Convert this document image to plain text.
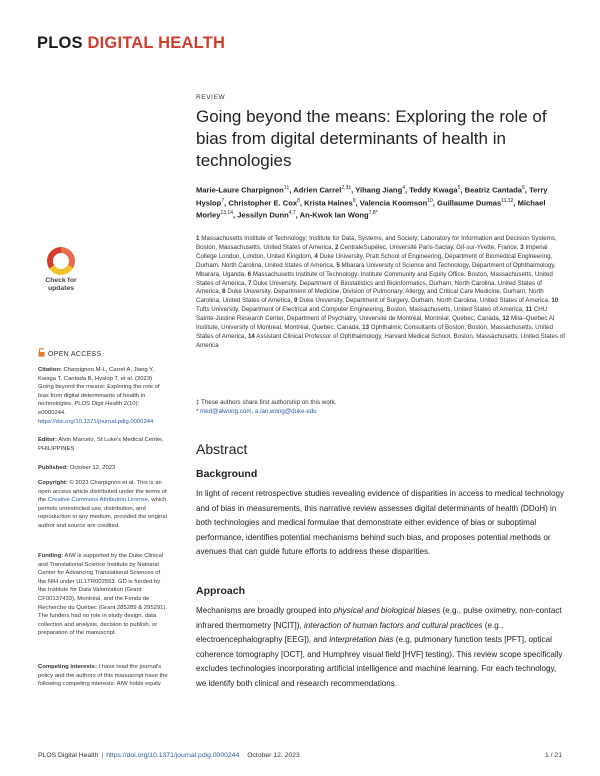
PLOS DIGITAL HEALTH
REVIEW
Going beyond the means: Exploring the role of bias from digital determinants of health in technologies
Marie-Laure Charpignon$^{1\ddagger}$, Adrien Carrel$^{2,3\ddagger}$, Yihang Jiang$^4$, Teddy Kwaga$^5$, Beatriz Cantada$^6$, Terry Hyslop$^7$, Christopher E. Cox$^8$, Krista Haines$^9$, Valencia Koomson$^{10}$, Guillaume Dumas$^{11,12}$, Michael Morley$^{13,14}$, Jessilyn Dunn$^{4,7}$, An-Kwok Ian Wong$^{7,8*}$
1 Massachusetts Institute of Technology; Institute for Data, Systems, and Society; Laboratory for Information and Decision Systems, Boston, Massachusetts, United States of America, 2 CentraleSupélec, Université Paris-Saclay, Gif-sur-Yvette, France, 3 Imperial College London, London, United Kingdom, 4 Duke University, Pratt School of Engineering, Department of Biomedical Engineering, Durham, North Carolina, United States of America, 5 Mbarara University of Science and Technology, Department of Ophthalmology, Mbarara, Uganda, 6 Massachusetts Institute of Technology; Institute Community and Equity Office, Boston, Massachusetts, United States of America, 7 Duke University, Department of Biostatistics and Bioinformatics, Durham, North Carolina, United States of America, 8 Duke University, Department of Medicine, Division of Pulmonary, Allergy, and Critical Care Medicine, Durham, North Carolina, United States of America, 9 Duke University, Department of Surgery, Durham, North Carolina, United States of America, 10 Tufts University, Department of Electrical and Computer Engineering, Boston, Massachusetts, United States of America, 11 CHU Sainte-Justine Research Center, Department of Psychiatry, Université de Montréal, Montréal, Quebec, Canada, 12 Mila–Quebec AI Institute, University of Montreal, Montréal, Quebec, Canada, 13 Ophthalmic Consultants of Boston, Boston, Massachusetts, United States of America, 14 Assistant Clinical Professor of Ophthalmology, Harvard Medical School, Boston, Massachusetts, United States of America
‡ These authors share first authorship on this work.
* med@aiwong.com, a.ian.wong@duke.edu
Abstract
Background
In light of recent retrospective studies revealing evidence of disparities in access to medical technology and of bias in measurements, this narrative review assesses digital determinants of health (DDoH) in both technologies and medical formulae that demonstrate either evidence of bias or suboptimal performance, identifies potential mechanisms behind such bias, and proposes potential methods or avenues that can guide future efforts to address these disparities.
Approach
Mechanisms are broadly grouped into physical and biological biases (e.g., pulse oximetry, non-contact infrared thermometry [NCIT]), interaction of human factors and cultural practices (e.g., electroencephalography [EEG]), and interpretation bias (e.g, pulmonary function tests [PFT], optical coherence tomography [OCT], and Humphrey visual field [HVF] testing). This review scope specifically excludes technologies incorporating artificial intelligence and machine learning. For each technology, we identify both clinical and research recommendations.
Check for
updates
OPEN ACCESS
Citation: Charpignon M-L, Carrel A, Jiang Y, Kwaga T, Cantada B, Hyslop T, et al. (2023) Going beyond the means: Exploring the role of bias from digital determinants of health in technologies. PLOS Digit Health 2(10): e0000244. https://doi.org/10.1371/journal.pdig.0000244
Editor: Alvin Marcelo, St Luke's Medical Center, PHILIPPINES
Published: October 12, 2023
Copyright: © 2023 Charpignon et al. This is an open access article distributed under the terms of the Creative Commons Attribution License, which permits unrestricted use, distribution, and reproduction in any medium, provided the original author and source are credited.
Funding: AIW is supported by the Duke Clinical and Translational Science Institute by National Center for Advancing Translational Sciences of the NIH under UL1TR002553. GD is funded by the Institute for Data Valorization (Grant CF00137433), Montréal, and the Fonds de Recherche du Québec (Grant 285289 & 295291). The funders had no role in study design, data collection and analysis, decision to publish, or preparation of the manuscript.
Competing interests: I have read the journal's policy and the authors of this manuscript have the following competing interests: AIW holds equity
PLOS Digital Health | https://doi.org/10.1371/journal.pdig.0000244 October 12, 2023	1 / 21
